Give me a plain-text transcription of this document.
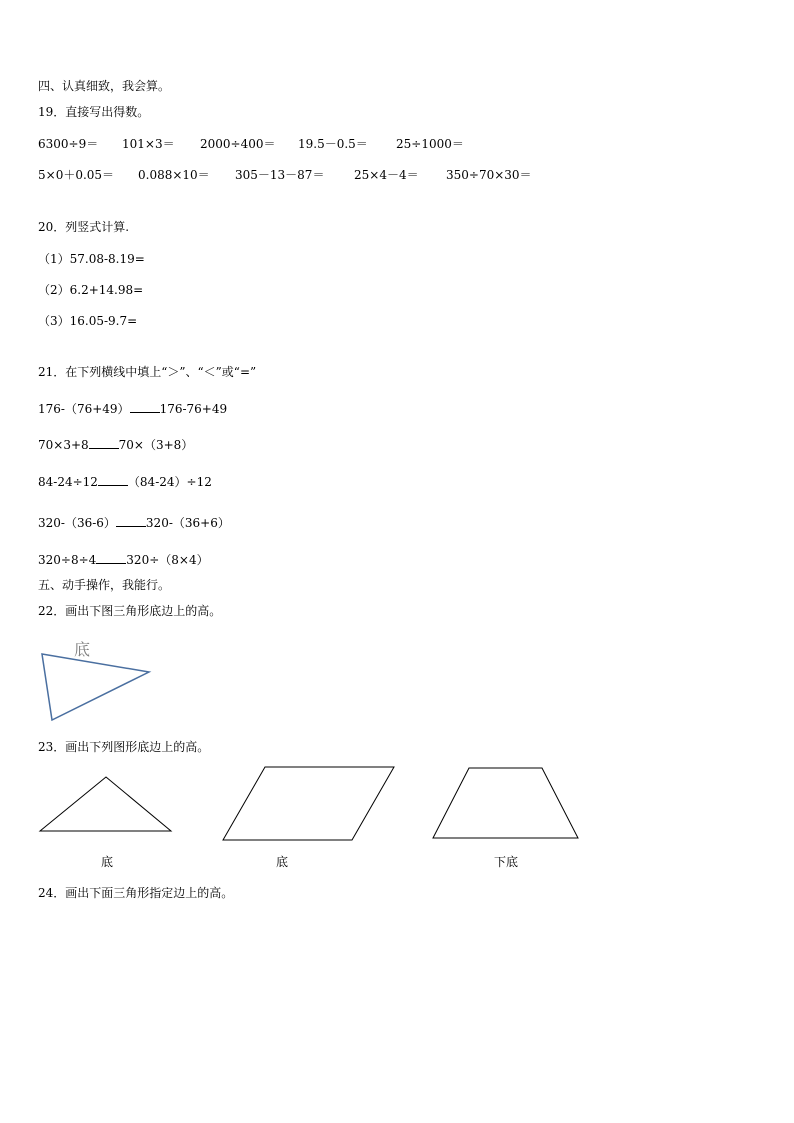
四、认真细致，我会算。
19．直接写出得数。
6300÷9＝ 101×3＝ 2000÷400＝ 19.5－0.5＝ 25÷1000＝
5×0＋0.05＝ 0.088×10＝ 305－13－87＝ 25×4－4＝ 350÷70×30＝
20．列竖式计算.
（1）57.08-8.19=
（2）6.2+14.98=
（3）16.05-9.7=
21．在下列横线中填上“＞”、“＜”或“=”
176-（76+49）	176-76+49
70×3+8	70×（3+8）
84-24÷12	（84-24）÷12
320-（36-6）	320-（36+6）
320÷8÷4	320÷（8×4）
五、动手操作，我能行。
22．画出下图三角形底边上的高。
底
23．画出下列图形底边上的高。
底	底	下底
24．画出下面三角形指定边上的高。
